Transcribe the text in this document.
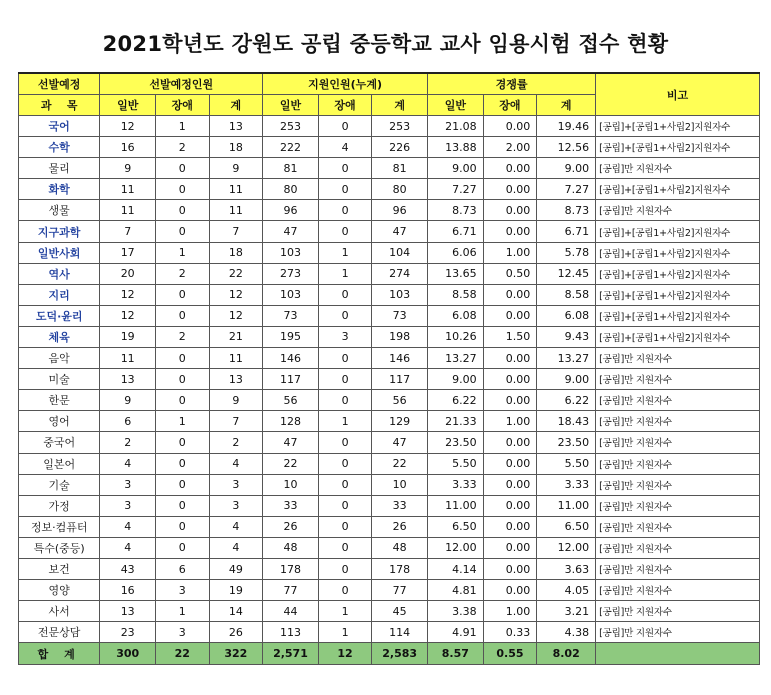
2021학년도 강원도 공립 중등학교 교사 임용시험 접수 현황
선발예정	선발예정인원			지원인원(누계)			경쟁률			비고
과    목	일반	장애	계	일반	장애	계	일반	장애	계	
국어	12	1	13	253	0	253	21.08	0.00	19.46	[공립]+[공립1+사립2]지원자수
수학	16	2	18	222	4	226	13.88	2.00	12.56	[공립]+[공립1+사립2]지원자수
물리	9	0	9	81	0	81	9.00	0.00	9.00	[공립]만 지원자수
화학	11	0	11	80	0	80	7.27	0.00	7.27	[공립]+[공립1+사립2]지원자수
생물	11	0	11	96	0	96	8.73	0.00	8.73	[공립]만 지원자수
지구과학	7	0	7	47	0	47	6.71	0.00	6.71	[공립]+[공립1+사립2]지원자수
일반사회	17	1	18	103	1	104	6.06	1.00	5.78	[공립]+[공립1+사립2]지원자수
역사	20	2	22	273	1	274	13.65	0.50	12.45	[공립]+[공립1+사립2]지원자수
지리	12	0	12	103	0	103	8.58	0.00	8.58	[공립]+[공립1+사립2]지원자수
도덕·윤리	12	0	12	73	0	73	6.08	0.00	6.08	[공립]+[공립1+사립2]지원자수
체육	19	2	21	195	3	198	10.26	1.50	9.43	[공립]+[공립1+사립2]지원자수
음악	11	0	11	146	0	146	13.27	0.00	13.27	[공립]만 지원자수
미술	13	0	13	117	0	117	9.00	0.00	9.00	[공립]만 지원자수
한문	9	0	9	56	0	56	6.22	0.00	6.22	[공립]만 지원자수
영어	6	1	7	128	1	129	21.33	1.00	18.43	[공립]만 지원자수
중국어	2	0	2	47	0	47	23.50	0.00	23.50	[공립]만 지원자수
일본어	4	0	4	22	0	22	5.50	0.00	5.50	[공립]만 지원자수
기술	3	0	3	10	0	10	3.33	0.00	3.33	[공립]만 지원자수
가정	3	0	3	33	0	33	11.00	0.00	11.00	[공립]만 지원자수
정보·컴퓨터	4	0	4	26	0	26	6.50	0.00	6.50	[공립]만 지원자수
특수(중등)	4	0	4	48	0	48	12.00	0.00	12.00	[공립]만 지원자수
보건	43	6	49	178	0	178	4.14	0.00	3.63	[공립]만 지원자수
영양	16	3	19	77	0	77	4.81	0.00	4.05	[공립]만 지원자수
사서	13	1	14	44	1	45	3.38	1.00	3.21	[공립]만 지원자수
전문상담	23	3	26	113	1	114	4.91	0.33	4.38	[공립]만 지원자수
합 계	300	22	322	2,571	12	2,583	8.57	0.55	8.02	
